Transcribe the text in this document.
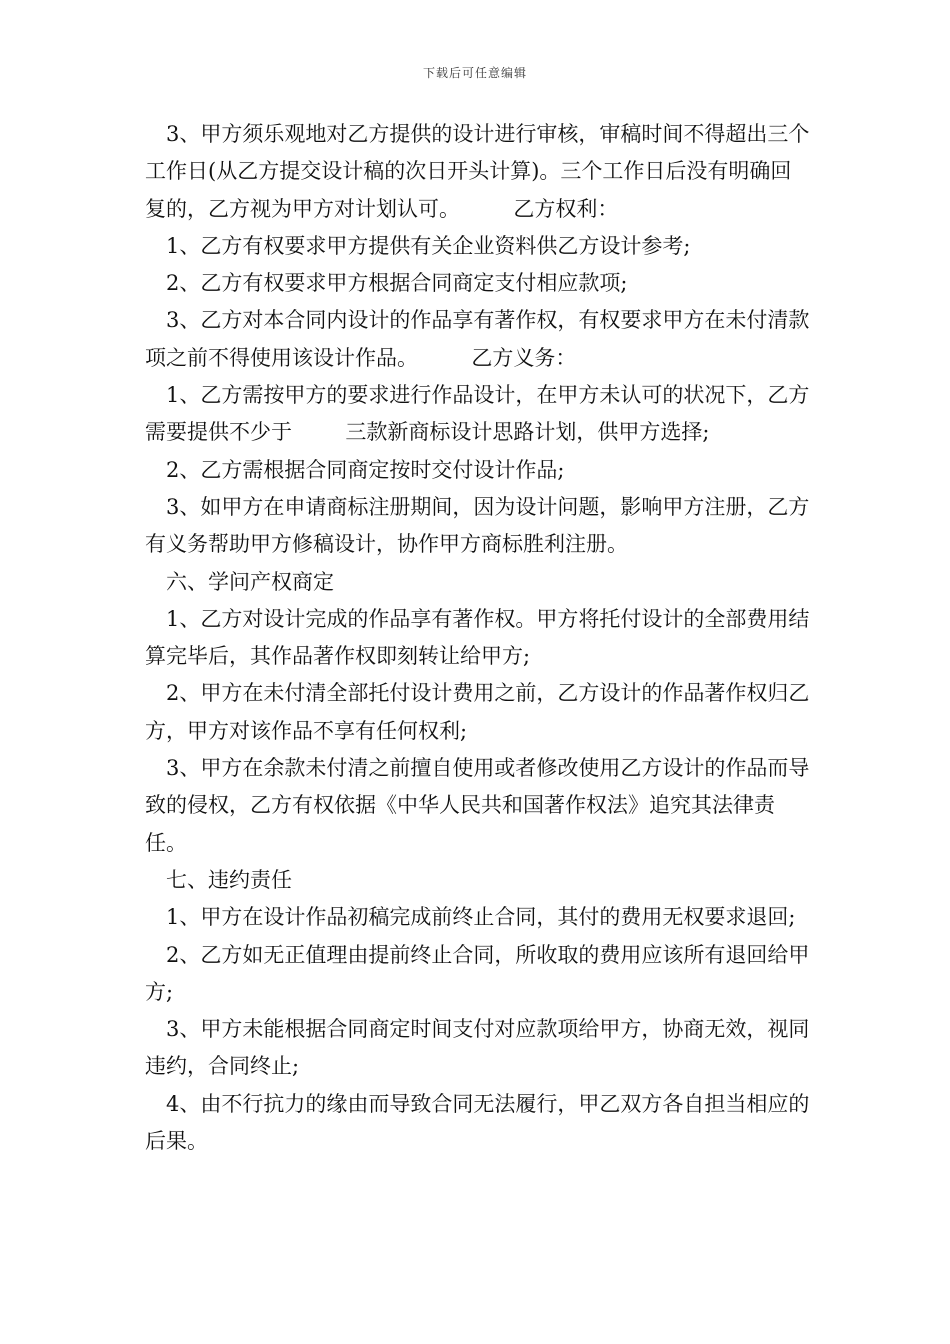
下载后可任意编辑

3、甲方须乐观地对乙方提供的设计进行审核，审稿时间不得超出三个工作日(从乙方提交设计稿的次日开头计算)。三个工作日后没有明确回复的，乙方视为甲方对计划认可。        乙方权利：

1、乙方有权要求甲方提供有关企业资料供乙方设计参考;

2、乙方有权要求甲方根据合同商定支付相应款项;

3、乙方对本合同内设计的作品享有著作权，有权要求甲方在未付清款项之前不得使用该设计作品。        乙方义务：

1、乙方需按甲方的要求进行作品设计，在甲方未认可的状况下，乙方需要提供不少于        三款新商标设计思路计划，供甲方选择;

2、乙方需根据合同商定按时交付设计作品;

3、如甲方在申请商标注册期间，因为设计问题，影响甲方注册，乙方有义务帮助甲方修稿设计，协作甲方商标胜利注册。

六、学问产权商定

1、乙方对设计完成的作品享有著作权。甲方将托付设计的全部费用结算完毕后，其作品著作权即刻转让给甲方;

2、甲方在未付清全部托付设计费用之前，乙方设计的作品著作权归乙方，甲方对该作品不享有任何权利;

3、甲方在余款未付清之前擅自使用或者修改使用乙方设计的作品而导致的侵权，乙方有权依据《中华人民共和国著作权法》追究其法律责任。

七、违约责任

1、甲方在设计作品初稿完成前终止合同，其付的费用无权要求退回;

2、乙方如无正值理由提前终止合同，所收取的费用应该所有退回给甲方;

3、甲方未能根据合同商定时间支付对应款项给甲方，协商无效，视同违约，合同终止;

4、由不行抗力的缘由而导致合同无法履行，甲乙双方各自担当相应的后果。
